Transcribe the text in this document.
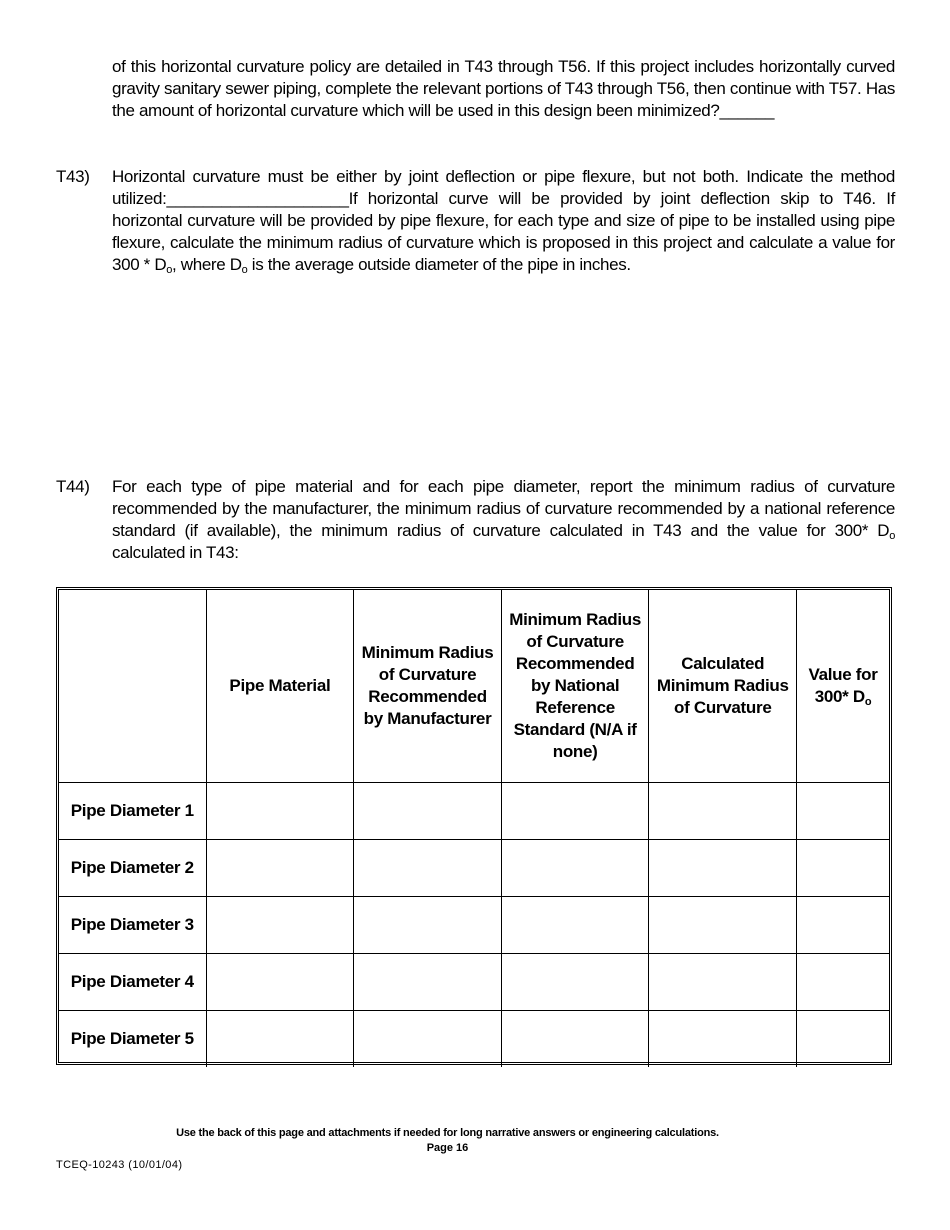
of this horizontal curvature policy are detailed in T43 through T56. If this project includes horizontally curved gravity sanitary sewer piping, complete the relevant portions of T43 through T56, then continue with T57. Has the amount of horizontal curvature which will be used in this design been minimized?______
T43) Horizontal curvature must be either by joint deflection or pipe flexure, but not both. Indicate the method utilized:____________________If horizontal curve will be provided by joint deflection skip to T46. If horizontal curvature will be provided by pipe flexure, for each type and size of pipe to be installed using pipe flexure, calculate the minimum radius of curvature which is proposed in this project and calculate a value for $300 * D_o$, where $D_o$ is the average outside diameter of the pipe in inches.
T44) For each type of pipe material and for each pipe diameter, report the minimum radius of curvature recommended by the manufacturer, the minimum radius of curvature recommended by a national reference standard (if available), the minimum radius of curvature calculated in T43 and the value for 300* $D_o$ calculated in T43:
	Pipe Material	Minimum Radius of Curvature Recommended by Manufacturer	Minimum Radius of Curvature Recommended by National Reference Standard (N/A if none)	Calculated Minimum Radius of Curvature	Value for 300* $D_o$
Pipe Diameter 1					
Pipe Diameter 2					
Pipe Diameter 3					
Pipe Diameter 4					
Pipe Diameter 5					
Use the back of this page and attachments if needed for long narrative answers or engineering calculations.
Page 16
TCEQ-10243 (10/01/04)
